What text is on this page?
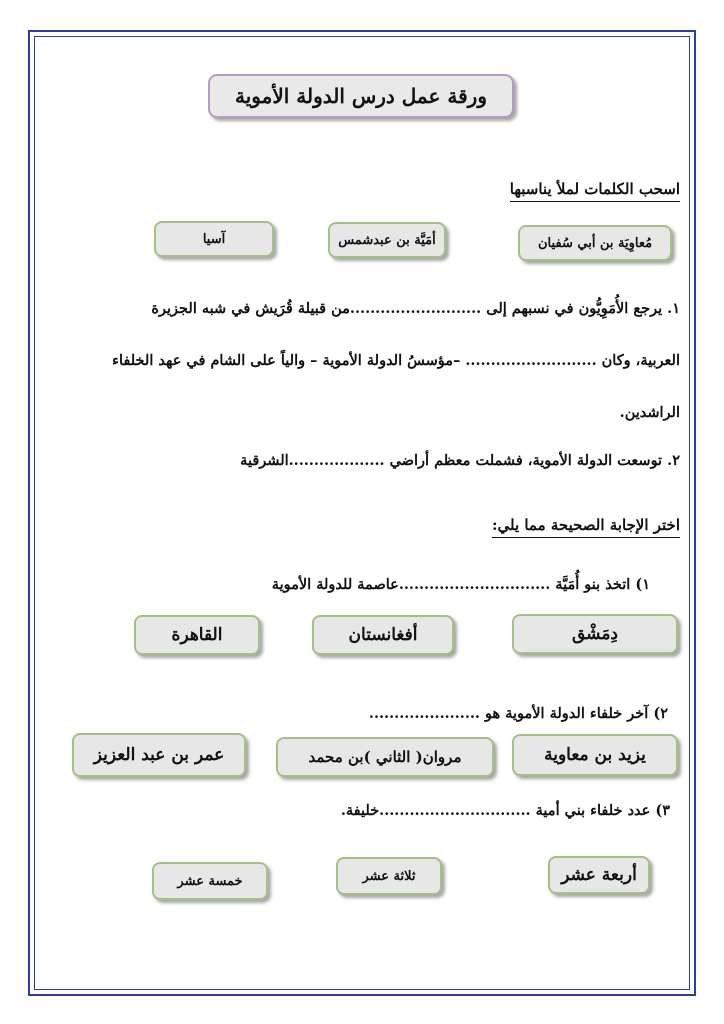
ورقة عمل درس الدولة الأموية
اسحب الكلمات لملأ يناسبها
مُعاوِيَة بن أبي سُفيان
أمَيَّة بن عبدشمس
آسيا
١. يرجع الأُمَوِيُّون في نسبهم إلى ..........................من قبيلة قُرَيش في شبه الجزيرة
العربية، وكان .......................... –مؤسسُ الدولة الأموية – والياً على الشام في عهد الخلفاء
الراشدين.
٢. توسعت الدولة الأموية، فشملت معظم أراضي ...................الشرقية
اختر الإجابة الصحيحة مما يلي:
١) اتخذ بنو أُمَيَّة ..............................عاصمة للدولة الأموية
دِمَشْق
أفغانستان
القاهرة
٢) آخر خلفاء الدولة الأموية هو ......................
يزيد بن معاوية
مروان( الثاني )بن محمد
عمر بن عبد العزيز
٣) عدد خلفاء بني أمية ..............................خليفة.
أربعة عشر
ثلاثة عشر
خمسة عشر
